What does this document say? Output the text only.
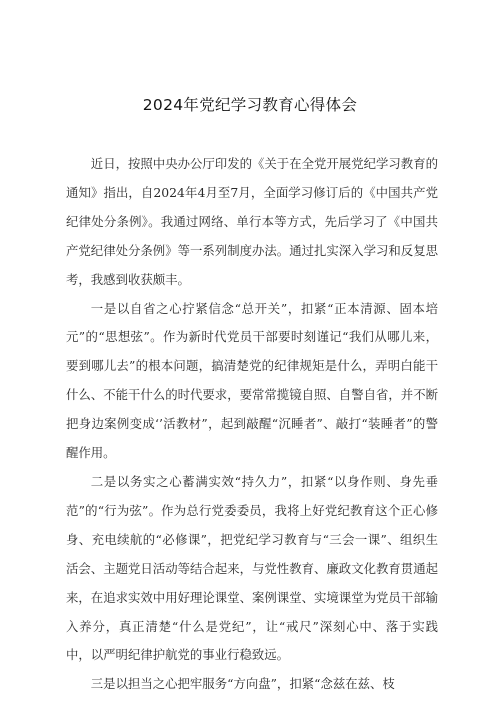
2024年党纪学习教育心得体会

近日，按照中央办公厅印发的《关于在全党开展党纪学习教育的通知》指出，自2024年4月至7月，全面学习修订后的《中国共产党纪律处分条例》。我通过网络、单行本等方式，先后学习了《中国共产党纪律处分条例》等一系列制度办法。通过扎实深入学习和反复思考，我感到收获颇丰。

一是以自省之心拧紧信念“总开关”，扣紧“正本清源、固本培元”的“思想弦”。作为新时代党员干部要时刻谨记“我们从哪儿来，要到哪儿去”的根本问题，搞清楚党的纪律规矩是什么，弄明白能干什么、不能干什么的时代要求，要常常揽镜自照、自警自省，并不断把身边案例变成‘’活教材”，起到敲醒“沉睡者”、敲打“装睡者”的警醒作用。

二是以务实之心蓄满实效“持久力”，扣紧“以身作则、身先垂范”的“行为弦”。作为总行党委委员，我将上好党纪教育这个正心修身、充电续航的“必修课”，把党纪学习教育与“三会一课”、组织生活会、主题党日活动等结合起来，与党性教育、廉政文化教育贯通起来，在追求实效中用好理论课堂、案例课堂、实境课堂为党员干部输入养分，真正清楚“什么是党纪”，让“戒尺”深刻心中、落于实践中，以严明纪律护航党的事业行稳致远。

三是以担当之心把牢服务“方向盘”，扣紧“念兹在兹、枝
